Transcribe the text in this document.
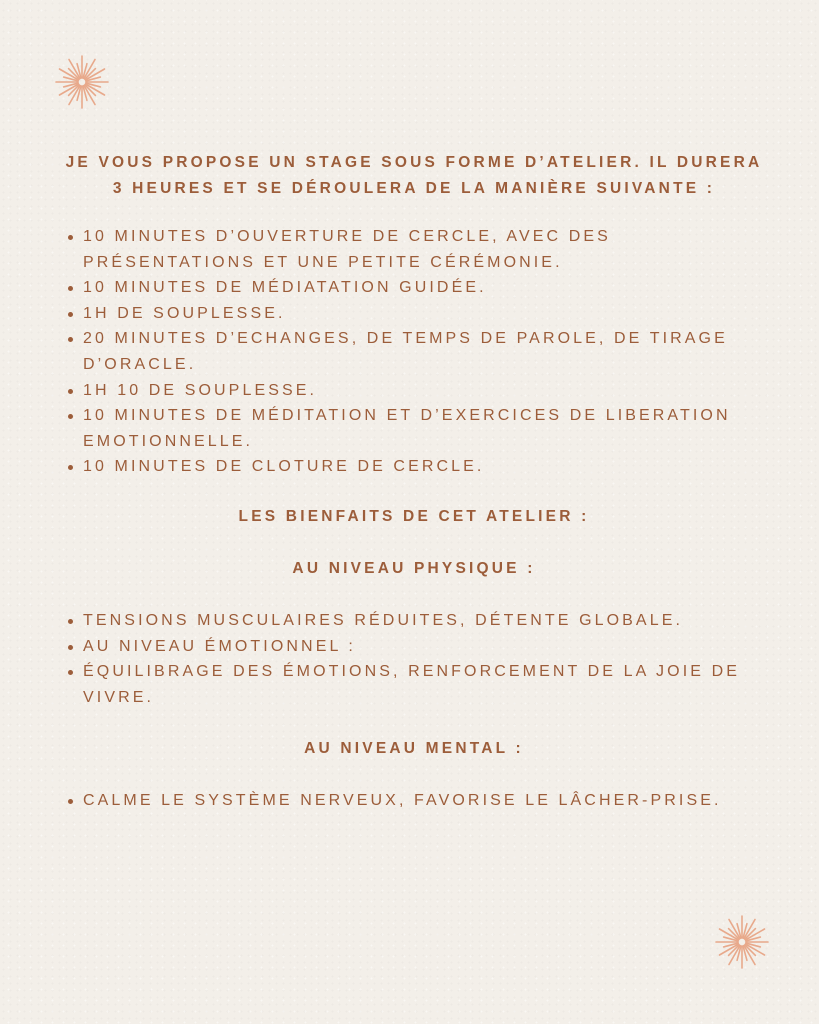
JE VOUS PROPOSE UN STAGE SOUS FORME D’ATELIER. IL DURERA 3 HEURES ET SE DÉROULERA DE LA MANIÈRE SUIVANTE :

10 MINUTES D’OUVERTURE DE CERCLE, AVEC DES PRÉSENTATIONS ET UNE PETITE CÉRÉMONIE.
10 MINUTES DE MÉDIATATION GUIDÉE.
1H DE SOUPLESSE.
20 MINUTES D’ECHANGES, DE TEMPS DE PAROLE, DE TIRAGE D’ORACLE.
1H 10 DE SOUPLESSE.
10 MINUTES DE MÉDITATION ET D’EXERCICES DE LIBERATION EMOTIONNELLE.
10 MINUTES DE CLOTURE DE CERCLE.

LES BIENFAITS DE CET ATELIER :

AU NIVEAU PHYSIQUE :

TENSIONS MUSCULAIRES RÉDUITES, DÉTENTE GLOBALE.
AU NIVEAU ÉMOTIONNEL :
ÉQUILIBRAGE DES ÉMOTIONS, RENFORCEMENT DE LA JOIE DE VIVRE.

AU NIVEAU MENTAL :

CALME LE SYSTÈME NERVEUX, FAVORISE LE LÂCHER-PRISE.
